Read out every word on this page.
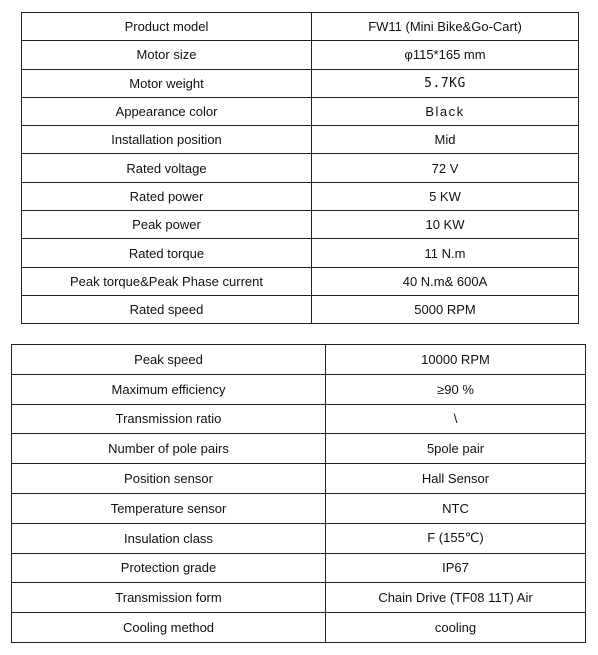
Product model	FW11 (Mini Bike&Go-Cart)
Motor size	φ115*165 mm
Motor weight	5.7KG
Appearance color	Black
Installation position	Mid
Rated voltage	72 V
Rated power	5 KW
Peak power	10 KW
Rated torque	11 N.m
Peak torque&Peak Phase current	40 N.m& 600A
Rated speed	5000 RPM
Peak speed	10000 RPM
Maximum efficiency	≥90 %
Transmission ratio	\
Number of pole pairs	5pole pair
Position sensor	Hall Sensor
Temperature sensor	NTC
Insulation class	F (155℃)
Protection grade	IP67
Transmission form	Chain Drive (TF08 11T) Air
Cooling method	cooling
